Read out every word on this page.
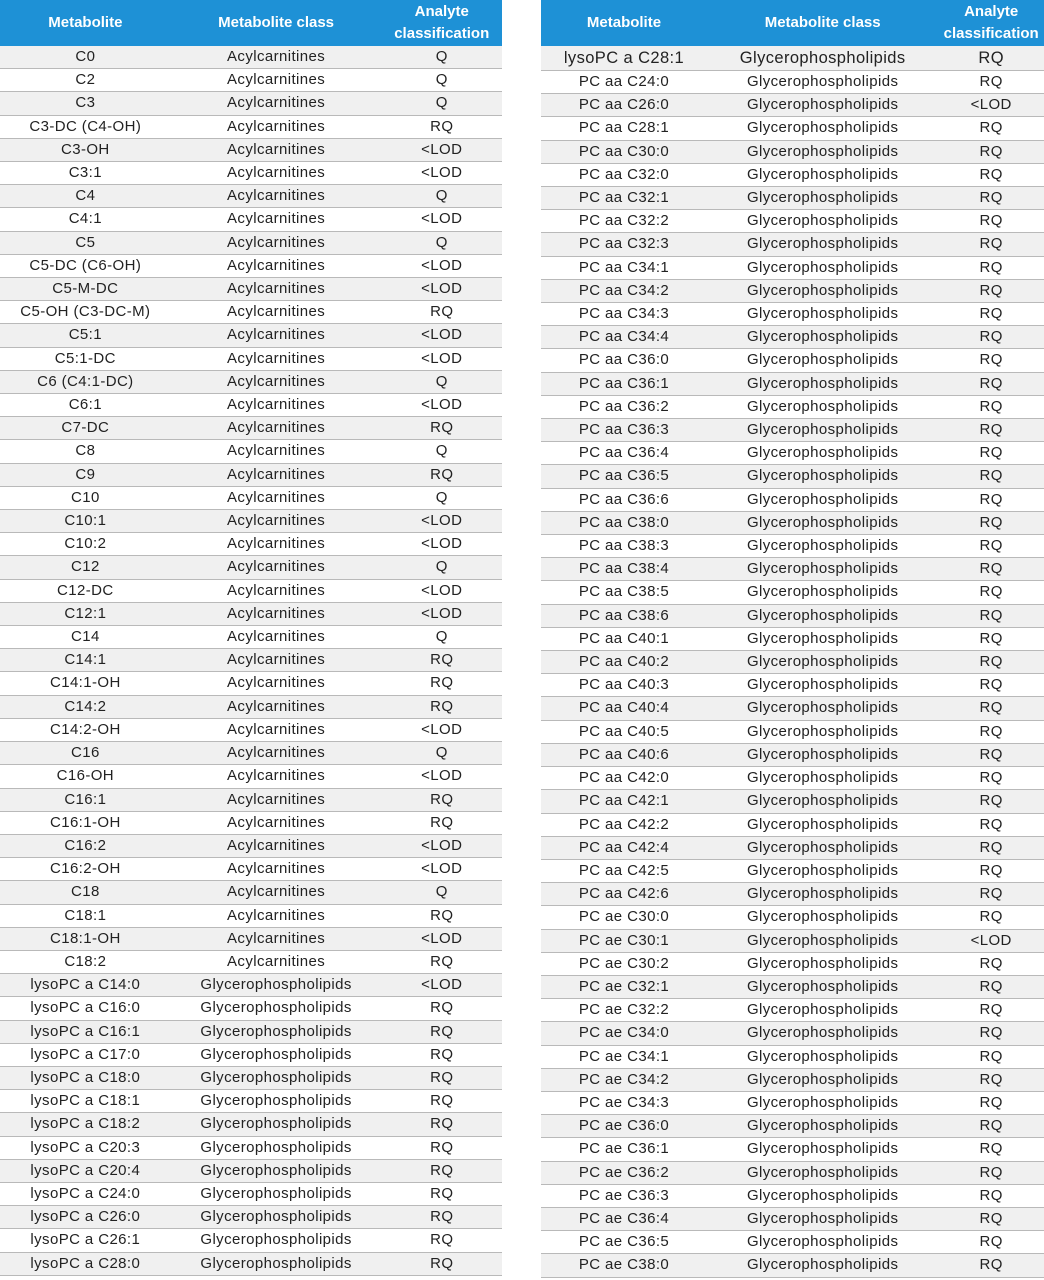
Metabolite	Metabolite class	Analyte
classification
C0	Acylcarnitines	Q
C2	Acylcarnitines	Q
C3	Acylcarnitines	Q
C3-DC (C4-OH)	Acylcarnitines	RQ
C3-OH	Acylcarnitines	<LOD
C3:1	Acylcarnitines	<LOD
C4	Acylcarnitines	Q
C4:1	Acylcarnitines	<LOD
C5	Acylcarnitines	Q
C5-DC (C6-OH)	Acylcarnitines	<LOD
C5-M-DC	Acylcarnitines	<LOD
C5-OH (C3-DC-M)	Acylcarnitines	RQ
C5:1	Acylcarnitines	<LOD
C5:1-DC	Acylcarnitines	<LOD
C6 (C4:1-DC)	Acylcarnitines	Q
C6:1	Acylcarnitines	<LOD
C7-DC	Acylcarnitines	RQ
C8	Acylcarnitines	Q
C9	Acylcarnitines	RQ
C10	Acylcarnitines	Q
C10:1	Acylcarnitines	<LOD
C10:2	Acylcarnitines	<LOD
C12	Acylcarnitines	Q
C12-DC	Acylcarnitines	<LOD
C12:1	Acylcarnitines	<LOD
C14	Acylcarnitines	Q
C14:1	Acylcarnitines	RQ
C14:1-OH	Acylcarnitines	RQ
C14:2	Acylcarnitines	RQ
C14:2-OH	Acylcarnitines	<LOD
C16	Acylcarnitines	Q
C16-OH	Acylcarnitines	<LOD
C16:1	Acylcarnitines	RQ
C16:1-OH	Acylcarnitines	RQ
C16:2	Acylcarnitines	<LOD
C16:2-OH	Acylcarnitines	<LOD
C18	Acylcarnitines	Q
C18:1	Acylcarnitines	RQ
C18:1-OH	Acylcarnitines	<LOD
C18:2	Acylcarnitines	RQ
lysoPC a C14:0	Glycerophospholipids	<LOD
lysoPC a C16:0	Glycerophospholipids	RQ
lysoPC a C16:1	Glycerophospholipids	RQ
lysoPC a C17:0	Glycerophospholipids	RQ
lysoPC a C18:0	Glycerophospholipids	RQ
lysoPC a C18:1	Glycerophospholipids	RQ
lysoPC a C18:2	Glycerophospholipids	RQ
lysoPC a C20:3	Glycerophospholipids	RQ
lysoPC a C20:4	Glycerophospholipids	RQ
lysoPC a C24:0	Glycerophospholipids	RQ
lysoPC a C26:0	Glycerophospholipids	RQ
lysoPC a C26:1	Glycerophospholipids	RQ
lysoPC a C28:0	Glycerophospholipids	RQ
Metabolite	Metabolite class	Analyte
classification
lysoPC a C28:1	Glycerophospholipids	RQ
PC aa C24:0	Glycerophospholipids	RQ
PC aa C26:0	Glycerophospholipids	<LOD
PC aa C28:1	Glycerophospholipids	RQ
PC aa C30:0	Glycerophospholipids	RQ
PC aa C32:0	Glycerophospholipids	RQ
PC aa C32:1	Glycerophospholipids	RQ
PC aa C32:2	Glycerophospholipids	RQ
PC aa C32:3	Glycerophospholipids	RQ
PC aa C34:1	Glycerophospholipids	RQ
PC aa C34:2	Glycerophospholipids	RQ
PC aa C34:3	Glycerophospholipids	RQ
PC aa C34:4	Glycerophospholipids	RQ
PC aa C36:0	Glycerophospholipids	RQ
PC aa C36:1	Glycerophospholipids	RQ
PC aa C36:2	Glycerophospholipids	RQ
PC aa C36:3	Glycerophospholipids	RQ
PC aa C36:4	Glycerophospholipids	RQ
PC aa C36:5	Glycerophospholipids	RQ
PC aa C36:6	Glycerophospholipids	RQ
PC aa C38:0	Glycerophospholipids	RQ
PC aa C38:3	Glycerophospholipids	RQ
PC aa C38:4	Glycerophospholipids	RQ
PC aa C38:5	Glycerophospholipids	RQ
PC aa C38:6	Glycerophospholipids	RQ
PC aa C40:1	Glycerophospholipids	RQ
PC aa C40:2	Glycerophospholipids	RQ
PC aa C40:3	Glycerophospholipids	RQ
PC aa C40:4	Glycerophospholipids	RQ
PC aa C40:5	Glycerophospholipids	RQ
PC aa C40:6	Glycerophospholipids	RQ
PC aa C42:0	Glycerophospholipids	RQ
PC aa C42:1	Glycerophospholipids	RQ
PC aa C42:2	Glycerophospholipids	RQ
PC aa C42:4	Glycerophospholipids	RQ
PC aa C42:5	Glycerophospholipids	RQ
PC aa C42:6	Glycerophospholipids	RQ
PC ae C30:0	Glycerophospholipids	RQ
PC ae C30:1	Glycerophospholipids	<LOD
PC ae C30:2	Glycerophospholipids	RQ
PC ae C32:1	Glycerophospholipids	RQ
PC ae C32:2	Glycerophospholipids	RQ
PC ae C34:0	Glycerophospholipids	RQ
PC ae C34:1	Glycerophospholipids	RQ
PC ae C34:2	Glycerophospholipids	RQ
PC ae C34:3	Glycerophospholipids	RQ
PC ae C36:0	Glycerophospholipids	RQ
PC ae C36:1	Glycerophospholipids	RQ
PC ae C36:2	Glycerophospholipids	RQ
PC ae C36:3	Glycerophospholipids	RQ
PC ae C36:4	Glycerophospholipids	RQ
PC ae C36:5	Glycerophospholipids	RQ
PC ae C38:0	Glycerophospholipids	RQ
